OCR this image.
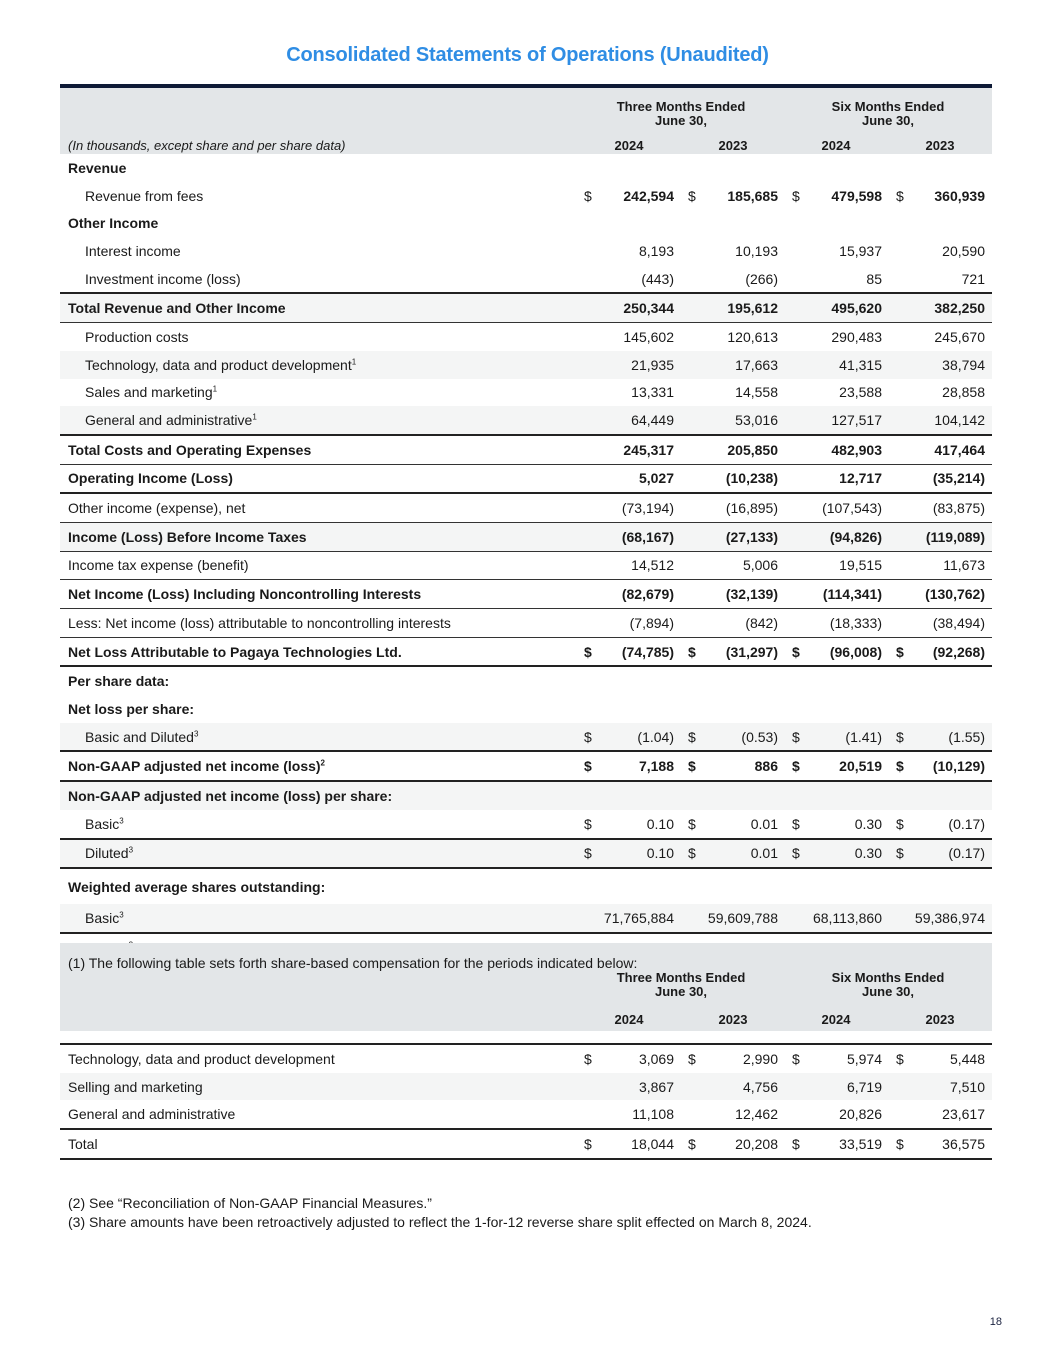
Consolidated Statements of Operations (Unaudited)
Three Months Ended
June 30,
Six Months Ended
June 30,
(In thousands, except share and per share data)	2024	2023	2024	2023
Revenue
Revenue from fees	$	242,594 $	185,685 $	479,598 $	360,939
Other Income
Interest income	8,193	10,193	15,937	20,590
Investment income (loss)	(443)	(266)	85	721
Total Revenue and Other Income	250,344	195,612	495,620	382,250
Production costs	145,602	120,613	290,483	245,670
Technology, data and product development$^1$	21,935	17,663	41,315	38,794
Sales and marketing$^1$	13,331	14,558	23,588	28,858
General and administrative$^1$	64,449	53,016	127,517	104,142
Total Costs and Operating Expenses	245,317	205,850	482,903	417,464
Operating Income (Loss)	5,027	(10,238)	12,717	(35,214)
Other income (expense), net	(73,194)	(16,895)	(107,543)	(83,875)
Income (Loss) Before Income Taxes	(68,167)	(27,133)	(94,826)	(119,089)
Income tax expense (benefit)	14,512	5,006	19,515	11,673
Net Income (Loss) Including Noncontrolling Interests	(82,679)	(32,139)	(114,341)	(130,762)
Less: Net income (loss) attributable to noncontrolling interests	(7,894)	(842)	(18,333)	(38,494)
Net Loss Attributable to Pagaya Technologies Ltd.	$	(74,785) $	(31,297) $	(96,008) $	(92,268)
Per share data:
Net loss per share:
Basic and Diluted$^3$	$	(1.04) $	(0.53) $	(1.41) $	(1.55)
Non-GAAP adjusted net income (loss)$^2$	$	7,188 $	886 $	20,519 $	(10,129)
Non-GAAP adjusted net income (loss) per share:
Basic$^3$	$	0.10 $	0.01 $	0.30 $	(0.17)
Diluted$^3$	$	0.10 $	0.01 $	0.30 $	(0.17)
Weighted average shares outstanding:
Basic$^3$	71,765,884	59,609,788	68,113,860	59,386,974
(1) The following table sets forth share-based compensation for the periods indicated below:
Three Months Ended
June 30,
Six Months Ended
June 30,
2024	2023	2024	2023
Technology, data and product development	$	3,069 $	2,990 $	5,974 $	5,448
Selling and marketing	3,867	4,756	6,719	7,510
General and administrative	11,108	12,462	20,826	23,617
Total	$	18,044 $	20,208 $	33,519 $	36,575
(2) See “Reconciliation of Non-GAAP Financial Measures.”
(3) Share amounts have been retroactively adjusted to reflect the 1-for-12 reverse share split effected on March 8, 2024.
18
